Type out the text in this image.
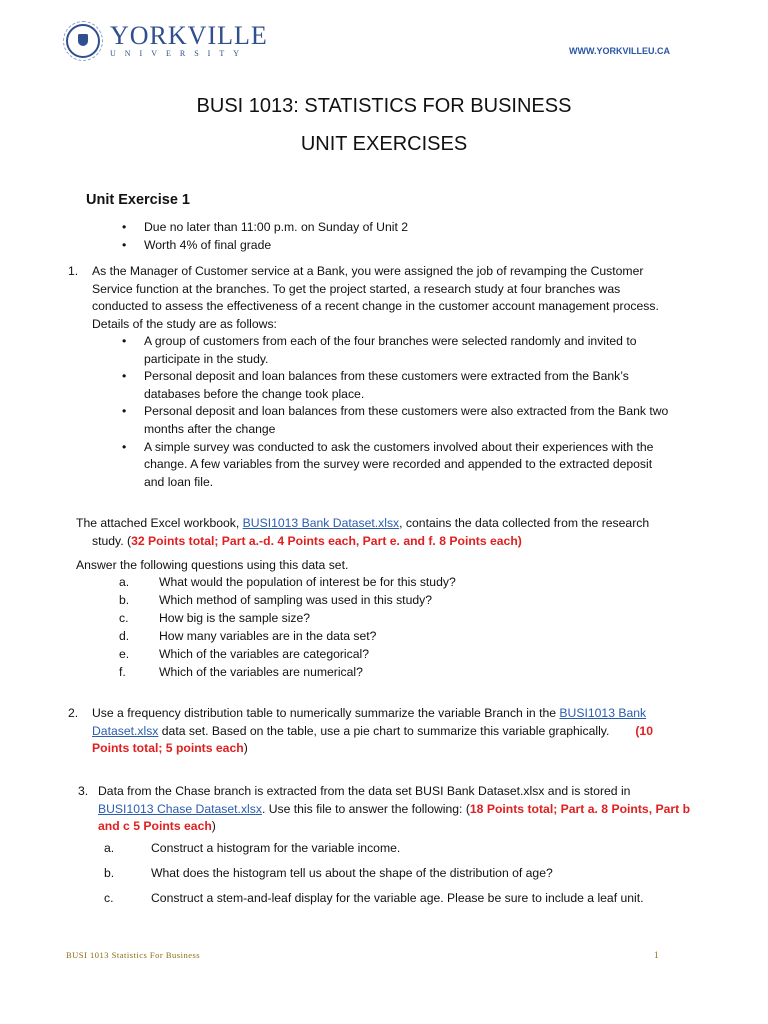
YORKVILLE
UNIVERSITY	WWW.YORKVILLEU.CA
BUSI 1013: STATISTICS FOR BUSINESS
UNIT EXERCISES
Unit Exercise 1
• Due no later than 11:00 p.m. on Sunday of Unit 2
• Worth 4% of final grade
1. As the Manager of Customer service at a Bank, you were assigned the job of revamping the Customer
Service function at the branches. To get the project started, a research study at four branches was
conducted to assess the effectiveness of a recent change in the customer account management process.
Details of the study are as follows:
• A group of customers from each of the four branches were selected randomly and invited to
participate in the study.
• Personal deposit and loan balances from these customers were extracted from the Bank’s
databases before the change took place.
• Personal deposit and loan balances from these customers were also extracted from the Bank two
months after the change
• A simple survey was conducted to ask the customers involved about their experiences with the
change. A few variables from the survey were recorded and appended to the extracted deposit
and loan file.
The attached Excel workbook, BUSI1013 Bank Dataset.xlsx, contains the data collected from the research
study. (32 Points total; Part a.-d. 4 Points each, Part e. and f. 8 Points each)
Answer the following questions using this data set.
a.	What would the population of interest be for this study?
b.	Which method of sampling was used in this study?
c.	How big is the sample size?
d.	How many variables are in the data set?
e.	Which of the variables are categorical?
f.	Which of the variables are numerical?
2. Use a frequency distribution table to numerically summarize the variable Branch in the BUSI1013 Bank
Dataset.xlsx data set. Based on the table, use a pie chart to summarize this variable graphically. (10
Points total; 5 points each)
3. Data from the Chase branch is extracted from the data set BUSI Bank Dataset.xlsx and is stored in
BUSI1013 Chase Dataset.xlsx. Use this file to answer the following: (18 Points total; Part a. 8 Points, Part b
and c 5 Points each)
a.	Construct a histogram for the variable income.
b.	What does the histogram tell us about the shape of the distribution of age?
c.	Construct a stem-and-leaf display for the variable age. Please be sure to include a leaf unit.
BUSI 1013 Statistics For Business	1
